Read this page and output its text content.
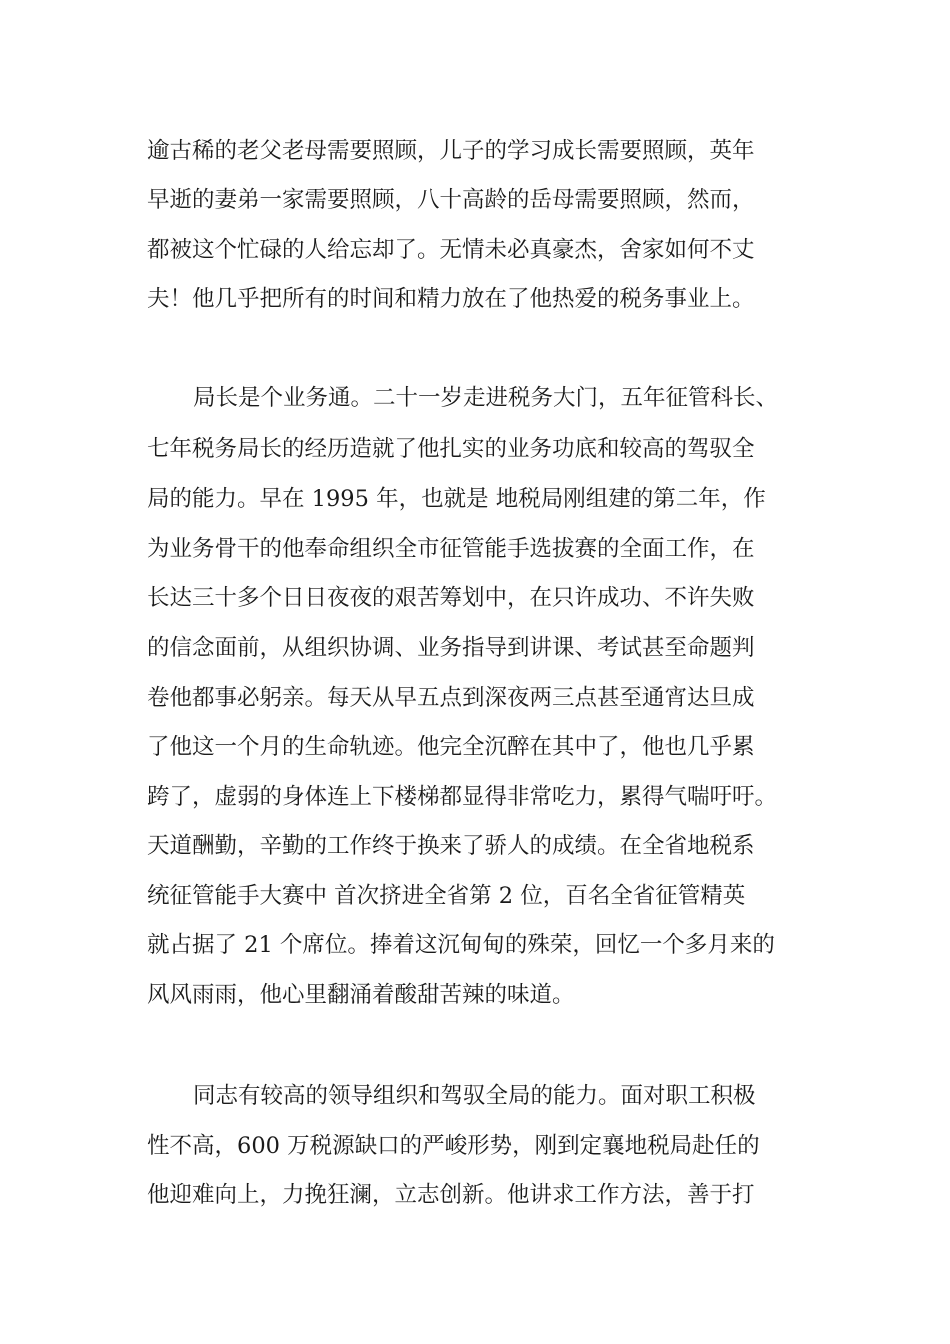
逾古稀的老父老母需要照顾，儿子的学习成长需要照顾，英年
早逝的妻弟一家需要照顾，八十高龄的岳母需要照顾，然而，
都被这个忙碌的人给忘却了。无情未必真豪杰，舍家如何不丈
夫！他几乎把所有的时间和精力放在了他热爱的税务事业上。
局长是个业务通。二十一岁走进税务大门，五年征管科长、
七年税务局长的经历造就了他扎实的业务功底和较高的驾驭全
局的能力。早在 1995 年，也就是 地税局刚组建的第二年，作
为业务骨干的他奉命组织全市征管能手选拔赛的全面工作，在
长达三十多个日日夜夜的艰苦筹划中，在只许成功、不许失败
的信念面前，从组织协调、业务指导到讲课、考试甚至命题判
卷他都事必躬亲。每天从早五点到深夜两三点甚至通宵达旦成
了他这一个月的生命轨迹。他完全沉醉在其中了，他也几乎累
跨了，虚弱的身体连上下楼梯都显得非常吃力，累得气喘吁吁。
天道酬勤，辛勤的工作终于换来了骄人的成绩。在全省地税系
统征管能手大赛中 首次挤进全省第 2 位，百名全省征管精英
就占据了 21 个席位。捧着这沉甸甸的殊荣，回忆一个多月来的
风风雨雨，他心里翻涌着酸甜苦辣的味道。
同志有较高的领导组织和驾驭全局的能力。面对职工积极
性不高，600 万税源缺口的严峻形势，刚到定襄地税局赴任的
他迎难向上，力挽狂澜，立志创新。他讲求工作方法，善于打
